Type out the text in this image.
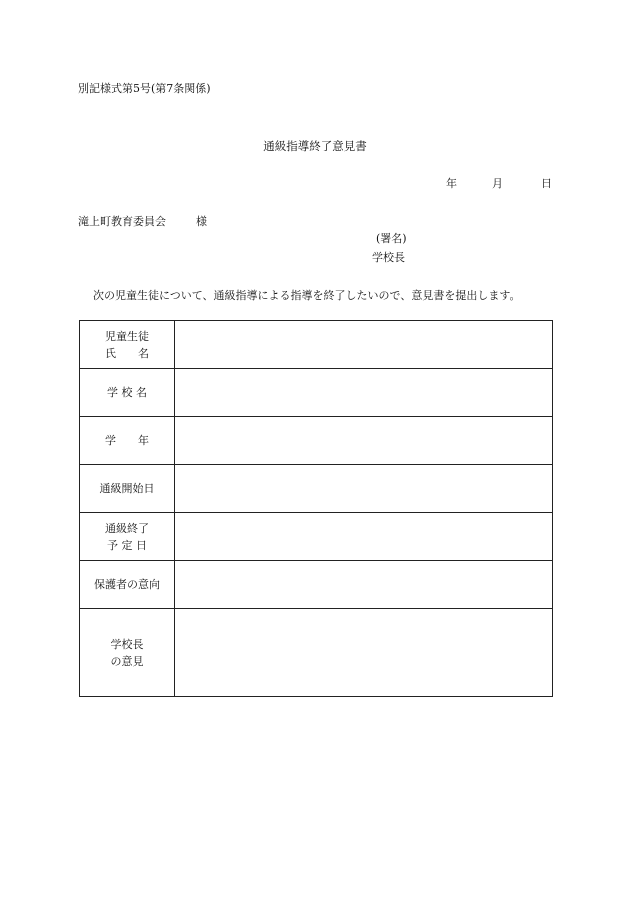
別記様式第5号(第7条関係)
通級指導終了意見書
年	月	日
滝上町教育委員会	様
(署名)
学校長
次の児童生徒について、通級指導による指導を終了したいので、意見書を提出します。
児童生徒
氏　　名	

学 校 名	

学　　年	

通級開始日	

通級終了
予 定 日	

保護者の意向	

学校長
の意見	
